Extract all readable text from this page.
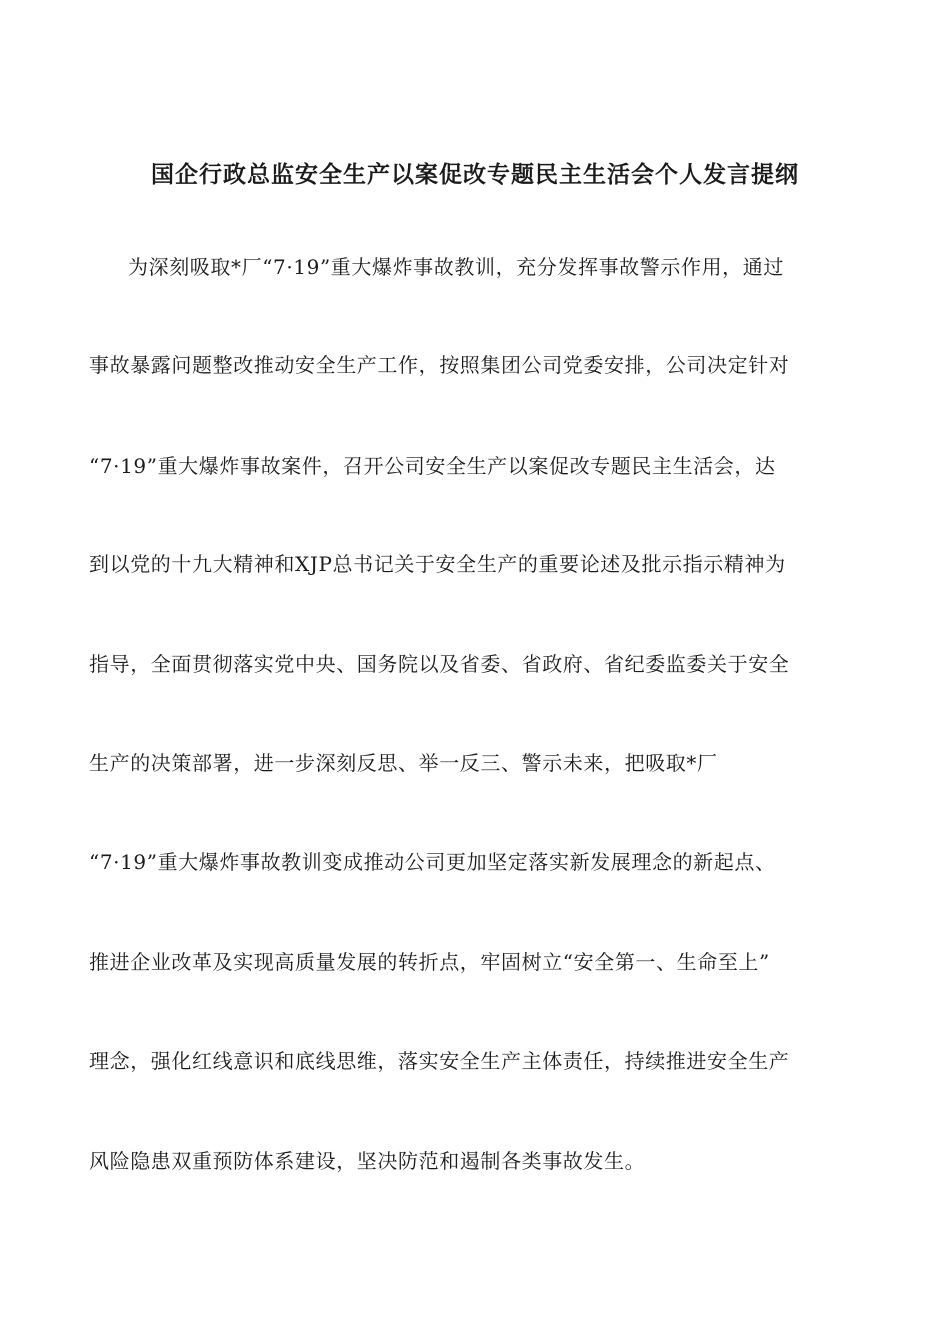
国企行政总监安全生产以案促改专题民主生活会个人发言提纲
为深刻吸取*厂“7·19”重大爆炸事故教训，充分发挥事故警示作用，通过
事故暴露问题整改推动安全生产工作，按照集团公司党委安排，公司决定针对
“7·19”重大爆炸事故案件，召开公司安全生产以案促改专题民主生活会，达
到以党的十九大精神和XJP总书记关于安全生产的重要论述及批示指示精神为
指导，全面贯彻落实党中央、国务院以及省委、省政府、省纪委监委关于安全
生产的决策部署，进一步深刻反思、举一反三、警示未来，把吸取*厂
“7·19”重大爆炸事故教训变成推动公司更加坚定落实新发展理念的新起点、
推进企业改革及实现高质量发展的转折点，牢固树立“安全第一、生命至上”
理念，强化红线意识和底线思维，落实安全生产主体责任，持续推进安全生产
风险隐患双重预防体系建设，坚决防范和遏制各类事故发生。
